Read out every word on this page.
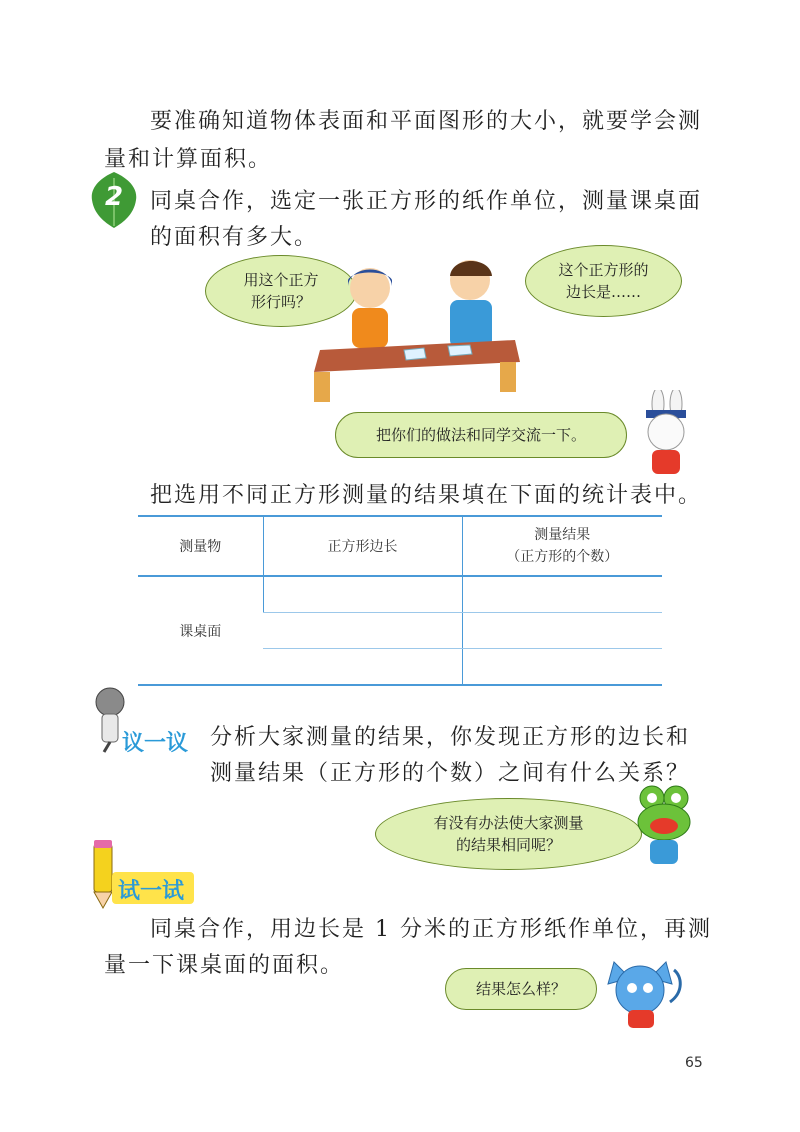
要准确知道物体表面和平面图形的大小，就要学会测
量和计算面积。
2	同桌合作，选定一张正方形的纸作单位，测量课桌面
的面积有多大。
用这个正方
形行吗？
这个正方形的
边长是……
把你们的做法和同学交流一下。
把选用不同正方形测量的结果填在下面的统计表中。
测量物	正方形边长	测量结果
（正方形的个数）

课桌面		

议一议 分析大家测量的结果，你发现正方形的边长和
测量结果（正方形的个数）之间有什么关系？
有没有办法使大家测量
的结果相同呢？
试一试
同桌合作，用边长是 1 分米的正方形纸作单位，再测
量一下课桌面的面积。
结果怎么样？
65
